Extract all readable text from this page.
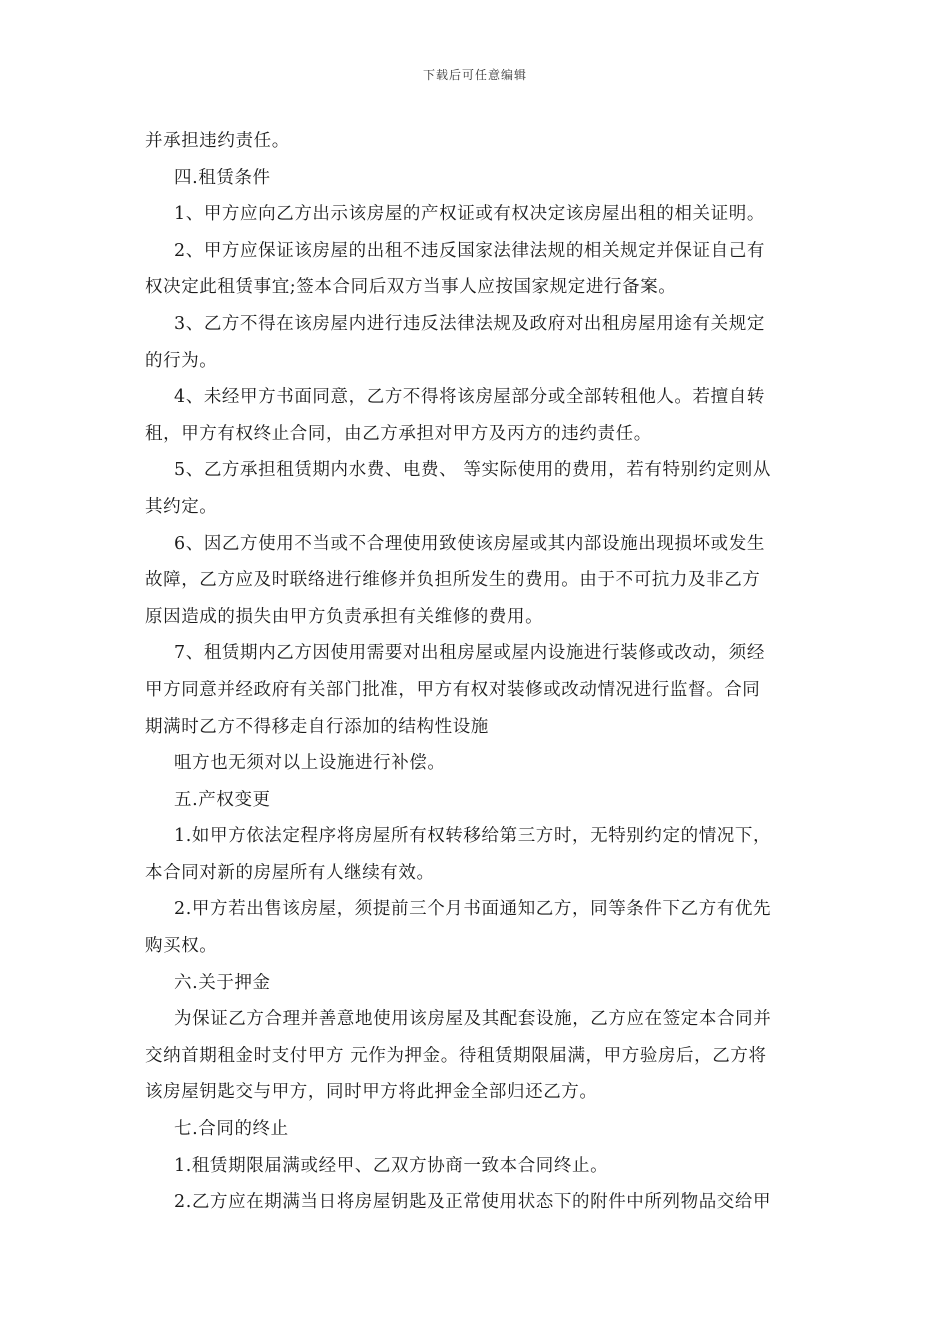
下载后可任意编辑
并承担违约责任。
四.租赁条件
1、甲方应向乙方出示该房屋的产权证或有权决定该房屋出租的相关证明。
2、甲方应保证该房屋的出租不违反国家法律法规的相关规定并保证自己有
权决定此租赁事宜;签本合同后双方当事人应按国家规定进行备案。
3、乙方不得在该房屋内进行违反法律法规及政府对出租房屋用途有关规定
的行为。
4、未经甲方书面同意，乙方不得将该房屋部分或全部转租他人。若擅自转
租，甲方有权终止合同，由乙方承担对甲方及丙方的违约责任。
5、乙方承担租赁期内水费、电费、 等实际使用的费用，若有特别约定则从
其约定。
6、因乙方使用不当或不合理使用致使该房屋或其内部设施出现损坏或发生
故障，乙方应及时联络进行维修并负担所发生的费用。由于不可抗力及非乙方
原因造成的损失由甲方负责承担有关维修的费用。
7、租赁期内乙方因使用需要对出租房屋或屋内设施进行装修或改动，须经
甲方同意并经政府有关部门批准，甲方有权对装修或改动情况进行监督。合同
期满时乙方不得移走自行添加的结构性设施
咀方也无须对以上设施进行补偿。
五.产权变更
1.如甲方依法定程序将房屋所有权转移给第三方时，无特别约定的情况下，
本合同对新的房屋所有人继续有效。
2.甲方若出售该房屋，须提前三个月书面通知乙方，同等条件下乙方有优先
购买权。
六.关于押金
为保证乙方合理并善意地使用该房屋及其配套设施，乙方应在签定本合同并
交纳首期租金时支付甲方 元作为押金。待租赁期限届满，甲方验房后，乙方将
该房屋钥匙交与甲方，同时甲方将此押金全部归还乙方。
七.合同的终止
1.租赁期限届满或经甲、乙双方协商一致本合同终止。
2.乙方应在期满当日将房屋钥匙及正常使用状态下的附件中所列物品交给甲
